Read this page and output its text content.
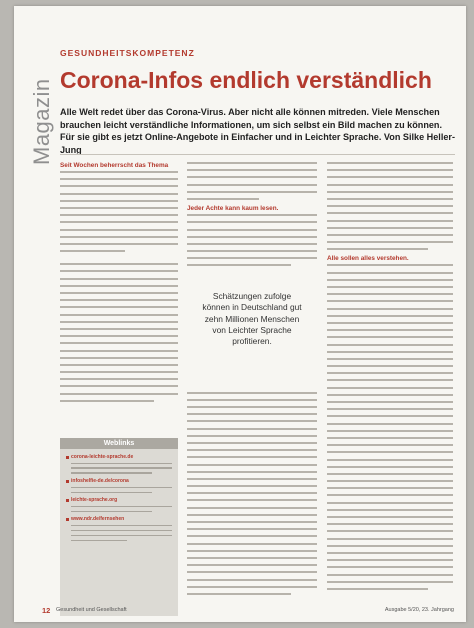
Magazin
GESUNDHEITSKOMPETENZ
Corona-Infos endlich verständlich

Alle Welt redet über das Corona-Virus. Aber nicht alle können mitreden. Viele Menschen brauchen leicht verständliche Informationen, um sich selbst ein Bild machen zu können. Für sie gibt es jetzt Online-Angebote in Einfacher und in Leichter Sprache. Von Silke Heller-Jung

Seit Wochen beherrscht das Thema
Jeder Achte kann kaum lesen.
Schätzungen zufolge können in Deutschland gut zehn Millionen Menschen von Leichter Sprache profitieren.
Alle sollen alles verstehen.
Weblinks
corona-leichte-sprache.de
infoshelfie-de.de/corona
leichte-sprache.org
www.ndr.de/fernsehen
12 Gesundheit und Gesellschaft	Ausgabe 5/20, 23. Jahrgang
